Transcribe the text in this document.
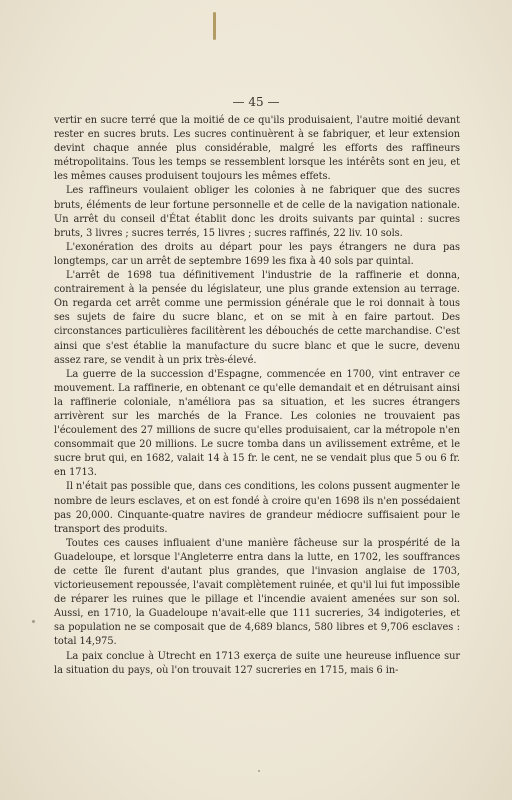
— 45 —

vertir en sucre terré que la moitié de ce qu'ils produisaient, l'autre moitié devant rester en sucres bruts. Les sucres continuèrent à se fabriquer, et leur extension devint chaque année plus considérable, malgré les efforts des raffineurs métropolitains. Tous les temps se ressemblent lorsque les intérêts sont en jeu, et les mêmes causes produisent toujours les mêmes effets.

Les raffineurs voulaient obliger les colonies à ne fabriquer que des sucres bruts, éléments de leur fortune personnelle et de celle de la navigation nationale. Un arrêt du conseil d'État établit donc les droits suivants par quintal : sucres bruts, 3 livres ; sucres terrés, 15 livres ; sucres raffinés, 22 liv. 10 sols.

L'exonération des droits au départ pour les pays étrangers ne dura pas longtemps, car un arrêt de septembre 1699 les fixa à 40 sols par quintal.

L'arrêt de 1698 tua définitivement l'industrie de la raffinerie et donna, contrairement à la pensée du législateur, une plus grande extension au terrage. On regarda cet arrêt comme une permission générale que le roi donnait à tous ses sujets de faire du sucre blanc, et on se mit à en faire partout. Des circonstances particulières facilitèrent les débouchés de cette marchandise. C'est ainsi que s'est établie la manufacture du sucre blanc et que le sucre, devenu assez rare, se vendit à un prix très-élevé.

La guerre de la succession d'Espagne, commencée en 1700, vint entraver ce mouvement. La raffinerie, en obtenant ce qu'elle demandait et en détruisant ainsi la raffinerie coloniale, n'améliora pas sa situation, et les sucres étrangers arrivèrent sur les marchés de la France. Les colonies ne trouvaient pas l'écoulement des 27 millions de sucre qu'elles produisaient, car la métropole n'en consommait que 20 millions. Le sucre tomba dans un avilissement extrême, et le sucre brut qui, en 1682, valait 14 à 15 fr. le cent, ne se vendait plus que 5 ou 6 fr. en 1713.

Il n'était pas possible que, dans ces conditions, les colons pussent augmenter le nombre de leurs esclaves, et on est fondé à croire qu'en 1698 ils n'en possédaient pas 20,000. Cinquante-quatre navires de grandeur médiocre suffisaient pour le transport des produits.

Toutes ces causes influaient d'une manière fâcheuse sur la prospérité de la Guadeloupe, et lorsque l'Angleterre entra dans la lutte, en 1702, les souffrances de cette île furent d'autant plus grandes, que l'invasion anglaise de 1703, victorieusement repoussée, l'avait complètement ruinée, et qu'il lui fut impossible de réparer les ruines que le pillage et l'incendie avaient amenées sur son sol. Aussi, en 1710, la Guadeloupe n'avait-elle que 111 sucreries, 34 indigoteries, et sa population ne se composait que de 4,689 blancs, 580 libres et 9,706 esclaves : total 14,975.

La paix conclue à Utrecht en 1713 exerça de suite une heureuse influence sur la situation du pays, où l'on trouvait 127 sucreries en 1715, mais 6 in-
